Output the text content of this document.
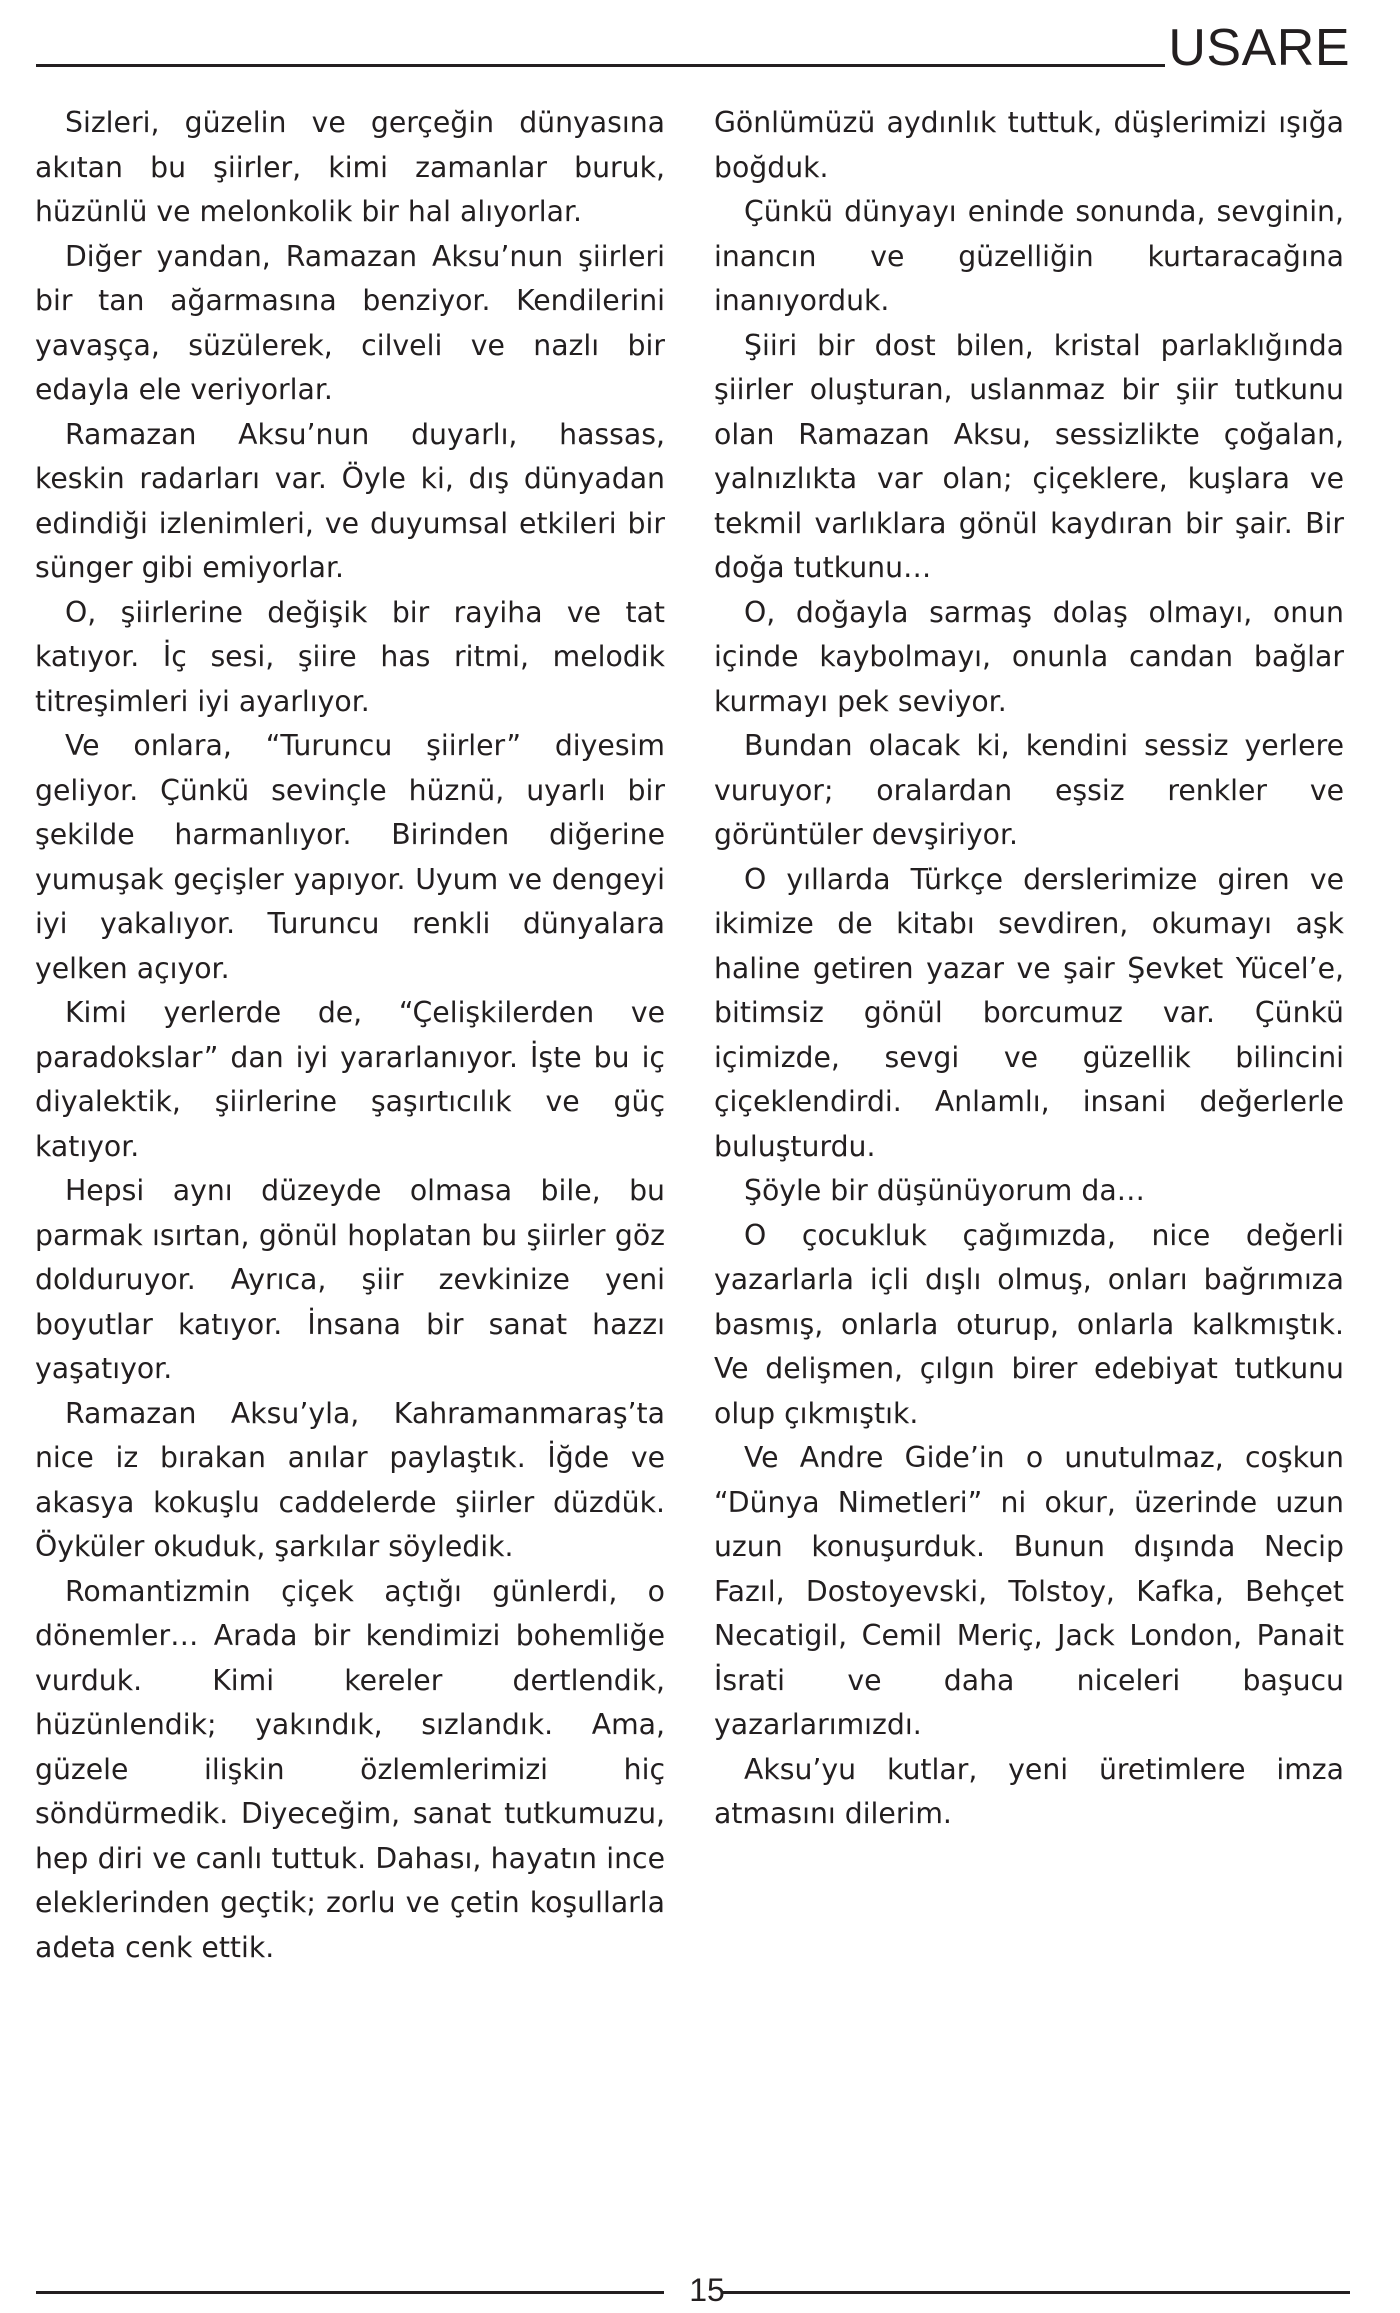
USARE

Sizleri, güzelin ve gerçeğin dünyasına akıtan bu şiirler, kimi zamanlar buruk, hüzünlü ve melonkolik bir hal alıyorlar.

Diğer yandan, Ramazan Aksu’nun şiirleri bir tan ağarmasına benziyor. Kendilerini yavaşça, süzülerek, cilveli ve nazlı bir edayla ele veriyorlar.

Ramazan Aksu’nun duyarlı, hassas, keskin radarları var. Öyle ki, dış dünyadan edindiği izlenimleri, ve duyumsal etkileri bir sünger gibi emiyorlar.

O, şiirlerine değişik bir rayiha ve tat katıyor. İç sesi, şiire has ritmi, melodik titreşimleri iyi ayarlıyor.

Ve onlara, “Turuncu şiirler” diyesim geliyor. Çünkü sevinçle hüznü, uyarlı bir şekilde harmanlıyor. Birinden diğerine yumuşak geçişler yapıyor. Uyum ve dengeyi iyi yakalıyor. Turuncu renkli dünyalara yelken açıyor.

Kimi yerlerde de, “Çelişkilerden ve paradokslar” dan iyi yararlanıyor. İşte bu iç diyalektik, şiirlerine şaşırtıcılık ve güç katıyor.

Hepsi aynı düzeyde olmasa bile, bu parmak ısırtan, gönül hoplatan bu şiirler göz dolduruyor. Ayrıca, şiir zevkinize yeni boyutlar katıyor. İnsana bir sanat hazzı yaşatıyor.

Ramazan Aksu’yla, Kahramanmaraş’ta nice iz bırakan anılar paylaştık. İğde ve akasya kokuşlu caddelerde şiirler düzdük. Öyküler okuduk, şarkılar söyledik.

Romantizmin çiçek açtığı günlerdi, o dönemler… Arada bir kendimizi bohemliğe vurduk. Kimi kereler dertlendik, hüzünlendik; yakındık, sızlandık. Ama, güzele ilişkin özlemlerimizi hiç söndürmedik. Diyeceğim, sanat tutkumuzu, hep diri ve canlı tuttuk. Dahası, hayatın ince eleklerinden geçtik; zorlu ve çetin koşullarla adeta cenk ettik.

Gönlümüzü aydınlık tuttuk, düşlerimizi ışığa boğduk.

Çünkü dünyayı eninde sonunda, sevginin, inancın ve güzelliğin kurtaracağına inanıyorduk.

Şiiri bir dost bilen, kristal parlaklığında şiirler oluşturan, uslanmaz bir şiir tutkunu olan Ramazan Aksu, sessizlikte çoğalan, yalnızlıkta var olan; çiçeklere, kuşlara ve tekmil varlıklara gönül kaydıran bir şair. Bir doğa tutkunu…

O, doğayla sarmaş dolaş olmayı, onun içinde kaybolmayı, onunla candan bağlar kurmayı pek seviyor.

Bundan olacak ki, kendini sessiz yerlere vuruyor; oralardan eşsiz renkler ve görüntüler devşiriyor.

O yıllarda Türkçe derslerimize giren ve ikimize de kitabı sevdiren, okumayı aşk haline getiren yazar ve şair Şevket Yücel’e, bitimsiz gönül borcumuz var. Çünkü içimizde, sevgi ve güzellik bilincini çiçeklendirdi. Anlamlı, insani değerlerle buluşturdu.

Şöyle bir düşünüyorum da…

O çocukluk çağımızda, nice değerli yazarlarla içli dışlı olmuş, onları bağrımıza basmış, onlarla oturup, onlarla kalkmıştık. Ve delişmen, çılgın birer edebiyat tutkunu olup çıkmıştık.

Ve Andre Gide’in o unutulmaz, coşkun “Dünya Nimetleri” ni okur, üzerinde uzun uzun konuşurduk. Bunun dışında Necip Fazıl, Dostoyevski, Tolstoy, Kafka, Behçet Necatigil, Cemil Meriç, Jack London, Panait İsrati ve daha niceleri başucu yazarlarımızdı.

Aksu’yu kutlar, yeni üretimlere imza atmasını dilerim.

15
